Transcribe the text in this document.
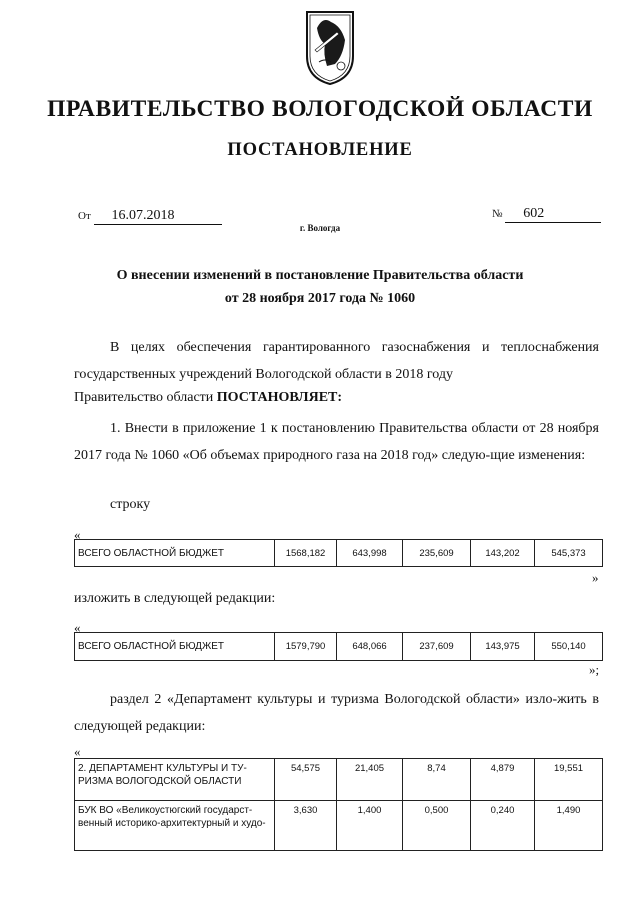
ПРАВИТЕЛЬСТВО ВОЛОГОДСКОЙ ОБЛАСТИ
ПОСТАНОВЛЕНИЕ
От 16.07.2018	№ 602
г. Вологда
О внесении изменений в постановление Правительства области
от 28 ноября 2017 года № 1060
В целях обеспечения гарантированного газоснабжения и теплоснабжения государственных учреждений Вологодской области в 2018 году
Правительство области ПОСТАНОВЛЯЕТ:
1. Внести в приложение 1 к постановлению Правительства области от 28 ноября 2017 года № 1060 «Об объемах природного газа на 2018 год» следую-щие изменения:
строку
«
ВСЕГО ОБЛАСТНОЙ БЮДЖЕТ	1568,182	643,998	235,609	143,202	545,373
»
изложить в следующей редакции:
«
ВСЕГО ОБЛАСТНОЙ БЮДЖЕТ	1579,790	648,066	237,609	143,975	550,140
»;
раздел 2 «Департамент культуры и туризма Вологодской области» изло-жить в следующей редакции:
«
2. ДЕПАРТАМЕНТ КУЛЬТУРЫ И ТУ-РИЗМА ВОЛОГОДСКОЙ ОБЛАСТИ	54,575	21,405	8,74	4,879	19,551
БУК ВО «Великоустюгский государст-венный историко-архитектурный и худо-	3,630	1,400	0,500	0,240	1,490
